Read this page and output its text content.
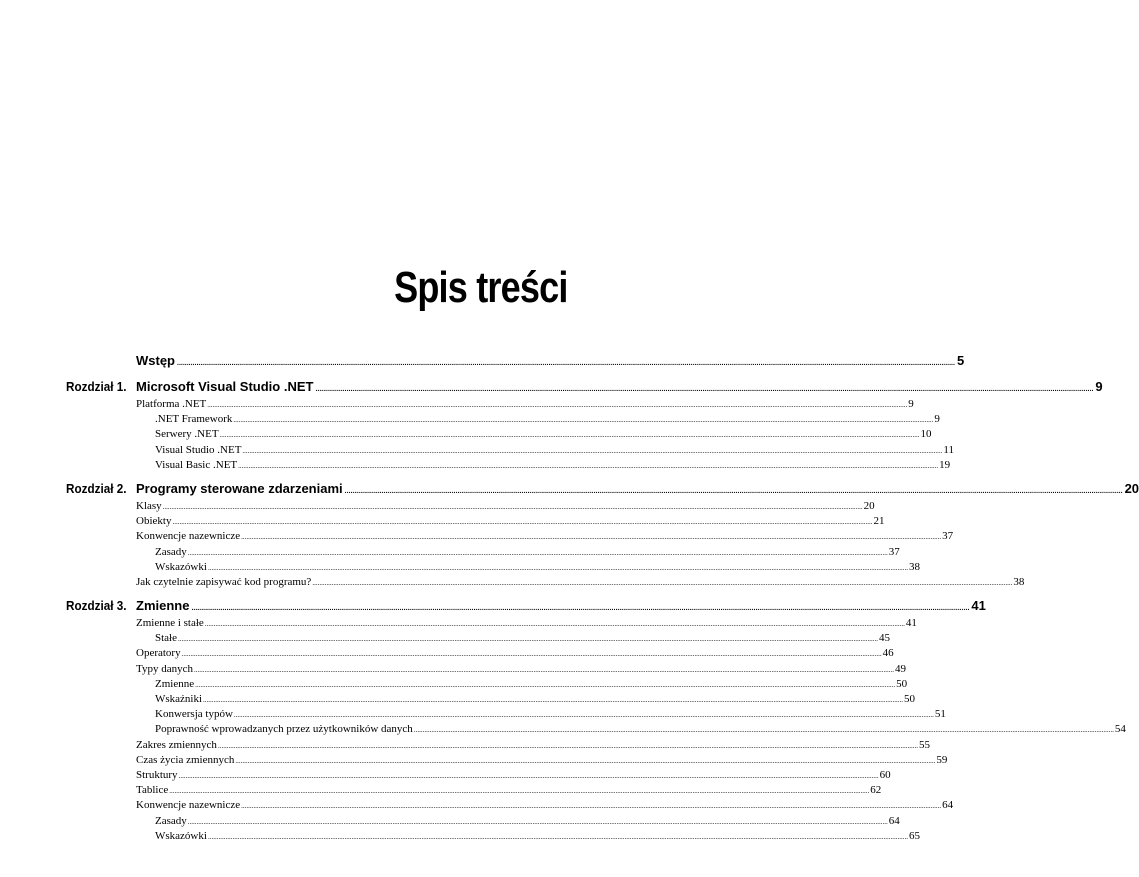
Spis treści
Wstęp ................................................................................................................................................................................................................................................................................................................................................................................................................ 5
Rozdział 1. Microsoft Visual Studio .NET ................................................................................................................................................................................................................................................................................................................................................................................................................ 9
Platforma .NET ................................................................................................................................................................................................................................................................................................................................................................................................................ 9
.NET Framework ................................................................................................................................................................................................................................................................................................................................................................................................................ 9
Serwery .NET ................................................................................................................................................................................................................................................................................................................................................................................................................ 10
Visual Studio .NET ................................................................................................................................................................................................................................................................................................................................................................................................................ 11
Visual Basic .NET ................................................................................................................................................................................................................................................................................................................................................................................................................ 19
Rozdział 2. Programy sterowane zdarzeniami ................................................................................................................................................................................................................................................................................................................................................................................................................ 20
Klasy ................................................................................................................................................................................................................................................................................................................................................................................................................ 20
Obiekty ................................................................................................................................................................................................................................................................................................................................................................................................................ 21
Konwencje nazewnicze ................................................................................................................................................................................................................................................................................................................................................................................................................ 37
Zasady ................................................................................................................................................................................................................................................................................................................................................................................................................ 37
Wskazówki ................................................................................................................................................................................................................................................................................................................................................................................................................ 38
Jak czytelnie zapisywać kod programu? ................................................................................................................................................................................................................................................................................................................................................................................................................ 38
Rozdział 3. Zmienne ................................................................................................................................................................................................................................................................................................................................................................................................................ 41
Zmienne i stałe ................................................................................................................................................................................................................................................................................................................................................................................................................ 41
Stałe ................................................................................................................................................................................................................................................................................................................................................................................................................ 45
Operatory ................................................................................................................................................................................................................................................................................................................................................................................................................ 46
Typy danych ................................................................................................................................................................................................................................................................................................................................................................................................................ 49
Zmienne ................................................................................................................................................................................................................................................................................................................................................................................................................ 50
Wskaźniki ................................................................................................................................................................................................................................................................................................................................................................................................................ 50
Konwersja typów ................................................................................................................................................................................................................................................................................................................................................................................................................ 51
Poprawność wprowadzanych przez użytkowników danych ................................................................................................................................................................................................................................................................................................................................................................................................................ 54
Zakres zmiennych ................................................................................................................................................................................................................................................................................................................................................................................................................ 55
Czas życia zmiennych ................................................................................................................................................................................................................................................................................................................................................................................................................ 59
Struktury ................................................................................................................................................................................................................................................................................................................................................................................................................ 60
Tablice ................................................................................................................................................................................................................................................................................................................................................................................................................ 62
Konwencje nazewnicze ................................................................................................................................................................................................................................................................................................................................................................................................................ 64
Zasady ................................................................................................................................................................................................................................................................................................................................................................................................................ 64
Wskazówki ................................................................................................................................................................................................................................................................................................................................................................................................................ 65
